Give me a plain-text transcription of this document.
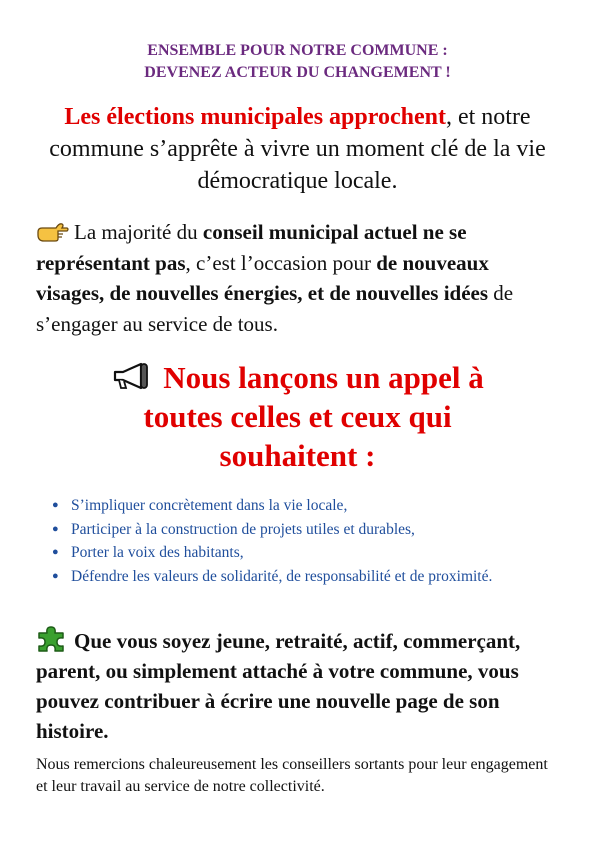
ENSEMBLE POUR NOTRE COMMUNE :
DEVENEZ ACTEUR DU CHANGEMENT !
Les élections municipales approchent, et notre commune s’apprête à vivre un moment clé de la vie démocratique locale.
La majorité du conseil municipal actuel ne se représentant pas, c’est l’occasion pour de nouveaux visages, de nouvelles énergies, et de nouvelles idées de s’engager au service de tous.
Nous lançons un appel à
toutes celles et ceux qui
souhaitent :
● S’impliquer concrètement dans la vie locale,
● Participer à la construction de projets utiles et durables,
● Porter la voix des habitants,
● Défendre les valeurs de solidarité, de responsabilité et de proximité.
Que vous soyez jeune, retraité, actif, commerçant, parent, ou simplement attaché à votre commune, vous pouvez contribuer à écrire une nouvelle page de son histoire.
Nous remercions chaleureusement les conseillers sortants pour leur engagement et leur travail au service de notre collectivité.
